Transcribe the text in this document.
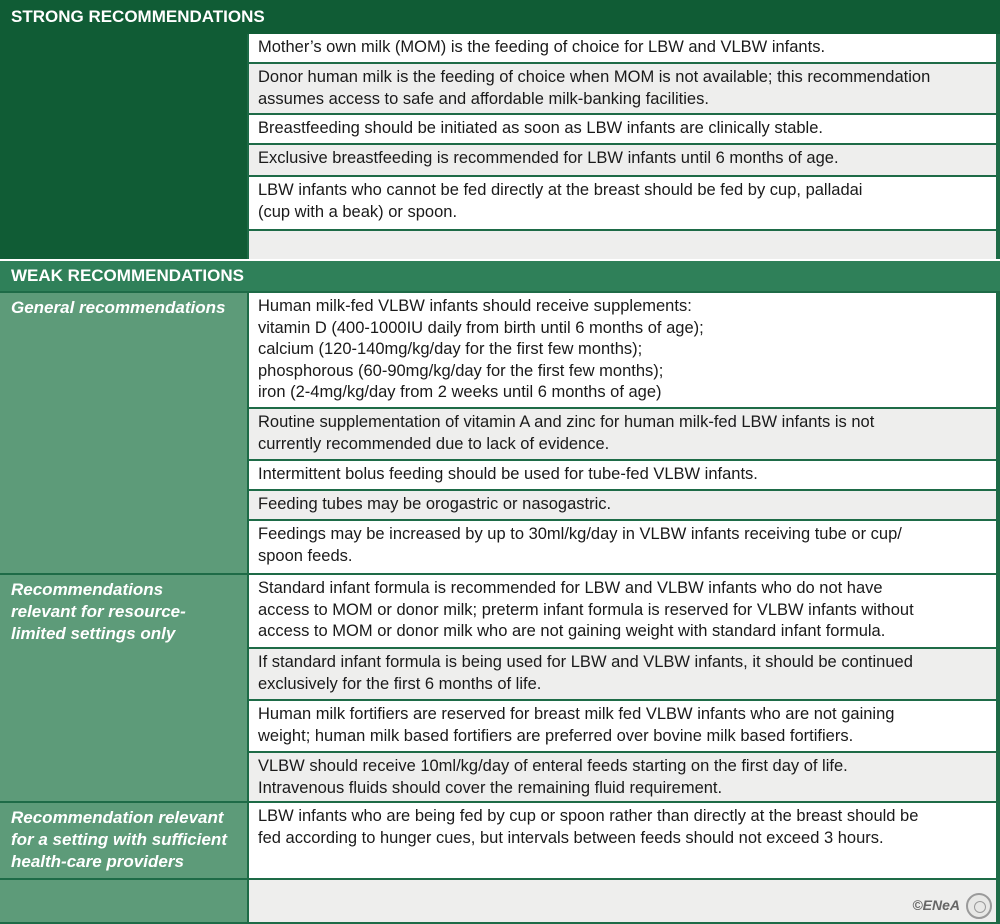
STRONG RECOMMENDATIONS
Mother’s own milk (MOM) is the feeding of choice for LBW and VLBW infants.
Donor human milk is the feeding of choice when MOM is not available; this recommendation
assumes access to safe and affordable milk-banking facilities.
Breastfeeding should be initiated as soon as LBW infants are clinically stable.
Exclusive breastfeeding is recommended for LBW infants until 6 months of age.
LBW infants who cannot be fed directly at the breast should be fed by cup, palladai
(cup with a beak) or spoon.
WEAK RECOMMENDATIONS
General recommendations	Human milk-fed VLBW infants should receive supplements:
vitamin D (400-1000IU daily from birth until 6 months of age);
calcium (120-140mg/kg/day for the first few months);
phosphorous (60-90mg/kg/day for the first few months);
iron (2-4mg/kg/day from 2 weeks until 6 months of age)
Routine supplementation of vitamin A and zinc for human milk-fed LBW infants is not
currently recommended due to lack of evidence.
Intermittent bolus feeding should be used for tube-fed VLBW infants.
Feeding tubes may be orogastric or nasogastric.
Feedings may be increased by up to 30ml/kg/day in VLBW infants receiving tube or cup/
spoon feeds.
Recommendations
relevant for resource-
limited settings only
Standard infant formula is recommended for LBW and VLBW infants who do not have
access to MOM or donor milk; preterm infant formula is reserved for VLBW infants without
access to MOM or donor milk who are not gaining weight with standard infant formula.
If standard infant formula is being used for LBW and VLBW infants, it should be continued
exclusively for the first 6 months of life.
Human milk fortifiers are reserved for breast milk fed VLBW infants who are not gaining
weight; human milk based fortifiers are preferred over bovine milk based fortifiers.
VLBW should receive 10ml/kg/day of enteral feeds starting on the first day of life.
Intravenous fluids should cover the remaining fluid requirement.
Recommendation relevant
for a setting with sufficient
health-care providers
LBW infants who are being fed by cup or spoon rather than directly at the breast should be
fed according to hunger cues, but intervals between feeds should not exceed 3 hours.

©ENeA
